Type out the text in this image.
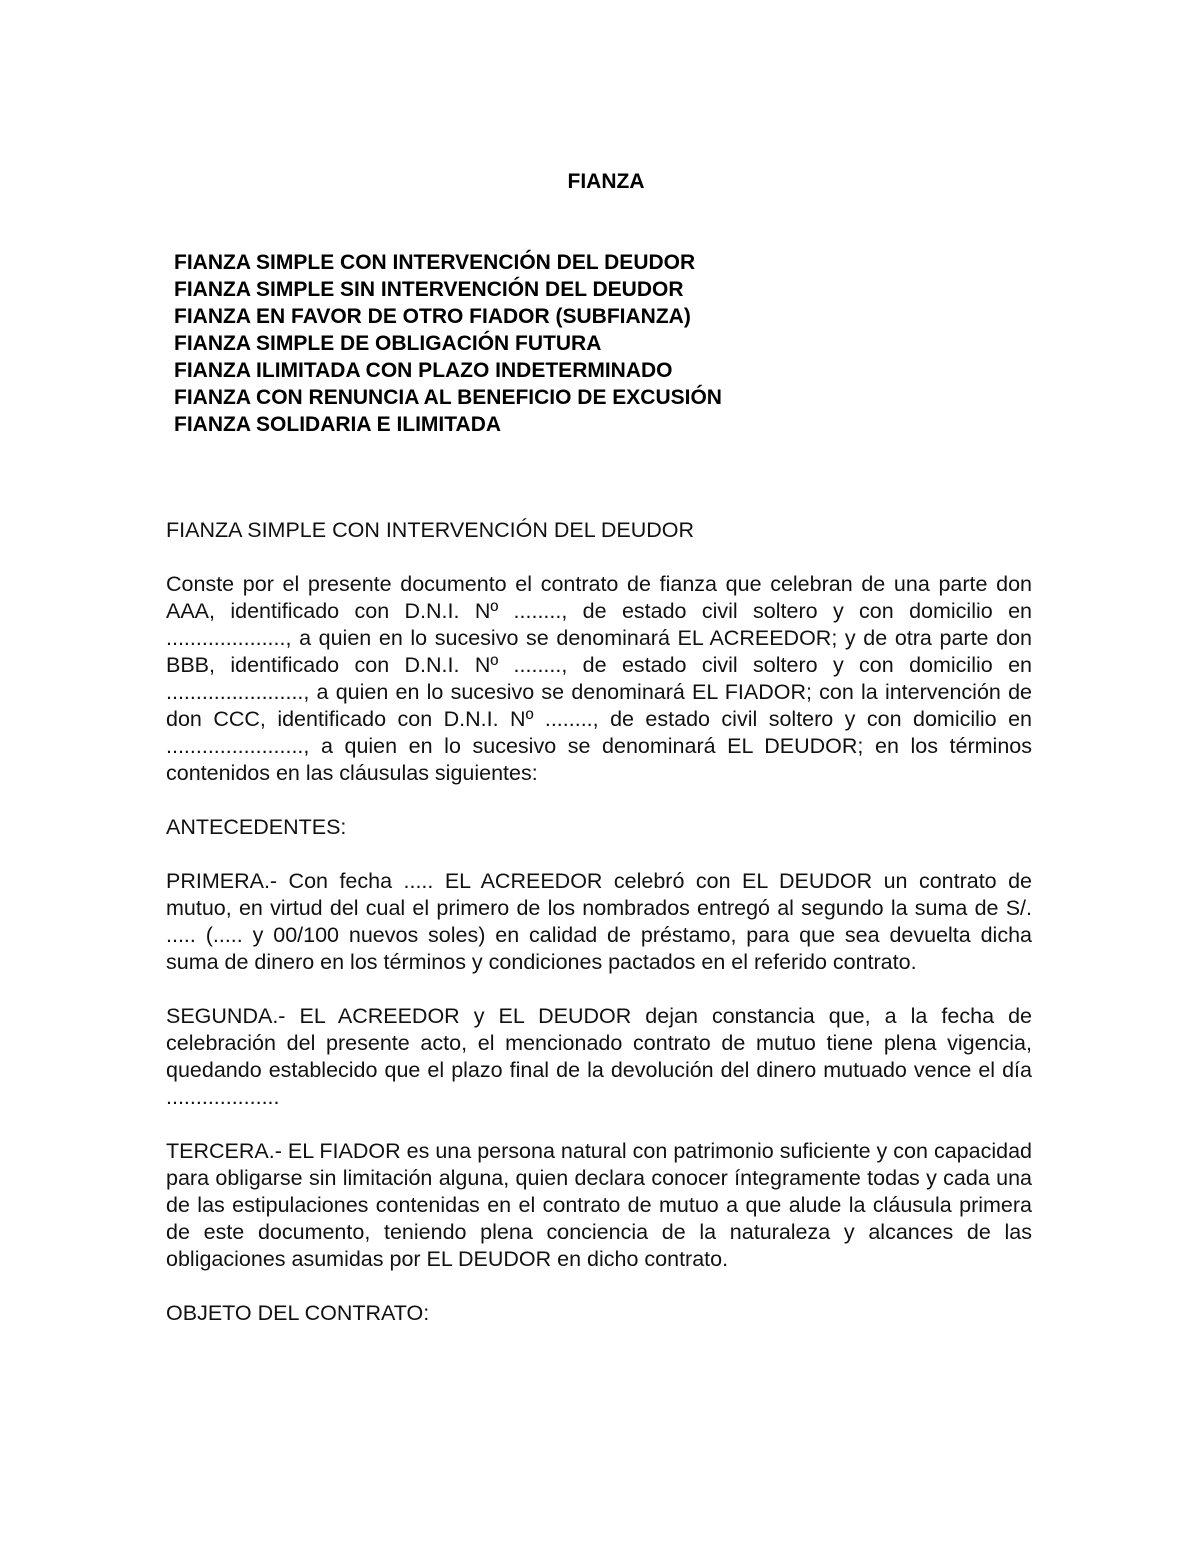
FIANZA
FIANZA SIMPLE CON INTERVENCIÓN DEL DEUDOR
FIANZA SIMPLE SIN INTERVENCIÓN DEL DEUDOR
FIANZA EN FAVOR DE OTRO FIADOR (SUBFIANZA)
FIANZA SIMPLE DE OBLIGACIÓN FUTURA
FIANZA ILIMITADA CON PLAZO INDETERMINADO
FIANZA CON RENUNCIA AL BENEFICIO DE EXCUSIÓN
FIANZA SOLIDARIA E ILIMITADA

FIANZA SIMPLE CON INTERVENCIÓN DEL DEUDOR

Conste por el presente documento el contrato de fianza que celebran de una parte don AAA, identificado con D.N.I. Nº ........, de estado civil soltero y con domicilio en ...................., a quien en lo sucesivo se denominará EL ACREEDOR; y de otra parte don BBB, identificado con D.N.I. Nº ........, de estado civil soltero y con domicilio en ......................., a quien en lo sucesivo se denominará EL FIADOR; con la intervención de don CCC, identificado con D.N.I. Nº ........, de estado civil soltero y con domicilio en ......................., a quien en lo sucesivo se denominará EL DEUDOR; en los términos contenidos en las cláusulas siguientes:

ANTECEDENTES:

PRIMERA.- Con fecha ..... EL ACREEDOR celebró con EL DEUDOR un contrato de mutuo, en virtud del cual el primero de los nombrados entregó al segundo la suma de S/. ..... (..... y 00/100 nuevos soles) en calidad de préstamo, para que sea devuelta dicha suma de dinero en los términos y condiciones pactados en el referido contrato.

SEGUNDA.- EL ACREEDOR y EL DEUDOR dejan constancia que, a la fecha de celebración del presente acto, el mencionado contrato de mutuo tiene plena vigencia, quedando establecido que el plazo final de la devolución del dinero mutuado vence el día ...................

TERCERA.- EL FIADOR es una persona natural con patrimonio suficiente y con capacidad para obligarse sin limitación alguna, quien declara conocer íntegramente todas y cada una de las estipulaciones contenidas en el contrato de mutuo a que alude la cláusula primera de este documento, teniendo plena conciencia de la naturaleza y alcances de las obligaciones asumidas por EL DEUDOR en dicho contrato.

OBJETO DEL CONTRATO:
